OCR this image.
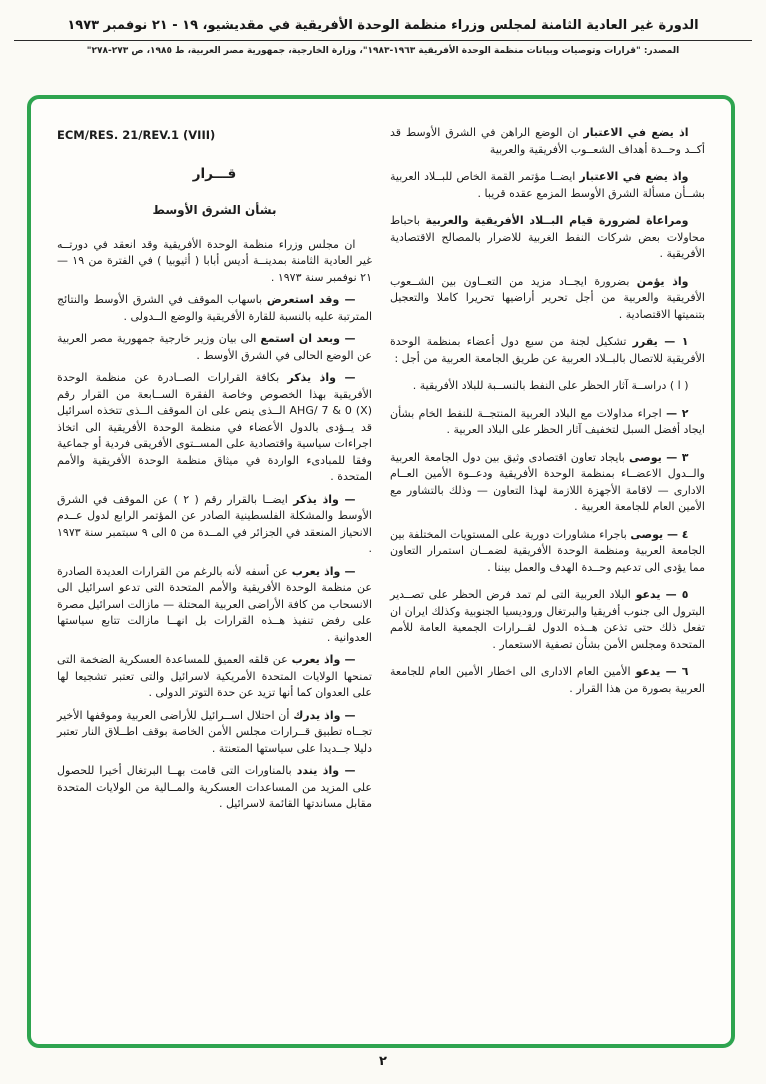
الدورة غير العادية الثامنة لمجلس وزراء منظمة الوحدة الأفريقية في مقديشيو، ١٩ - ٢١ نوفمبر ١٩٧٣
المصدر: "قرارات وتوصيات وبيانات منظمة الوحدة الأفريقية ١٩٦٣-١٩٨٣"، وزارة الخارجية، جمهورية مصر العربية، ط ١٩٨٥، ص ٢٧٣-٢٧٨"

ECM/RES. 21/REV.1 (VIII)

قـــرار

بشأن الشرق الأوسط

ان مجلس وزراء منظمة الوحدة الأفريقية وقد انعقد في دورتــه غير العادية الثامنة بمدينــة أديس أبابا ( أثيوبيا ) في الفترة من ١٩ — ٢١ نوفمبر سنة ١٩٧٣ .

— وقد استعرض باسهاب الموقف في الشرق الأوسط والنتائج المترتبة عليه بالنسبة للقارة الأفريقية والوضع الــدولى .

— وبعد ان استمع الى بيان وزير خارجية جمهورية مصر العربية عن الوضع الحالى في الشرق الأوسط .

— واذ يذكر بكافة القرارات الصــادرة عن منظمة الوحدة الأفريقية بهذا الخصوص وخاصة الفقرة الســابعة من القرار رقم AHG/ 7 & 0 (X) الــذى ينص على ان الموقف الــذى تتخذه اسرائيل قد يــؤدى بالدول الأعضاء في منظمة الوحدة الأفريقية الى اتخاذ اجراءات سياسية واقتصادية على المســتوى الأفريقى فردية أو جماعية وفقا للمبادىء الواردة في ميثاق منظمة الوحدة الأفريقية والأمم المتحدة .

— واذ يذكر ايضــا بالقرار رقم ( ٢ ) عن الموقف في الشرق الأوسط والمشكلة الفلسطينية الصادر عن المؤتمر الرابع لدول عــدم الانحياز المنعقد في الجزائر في المــدة من ٥ الى ٩ سبتمبر سنة ١٩٧٣ .

— واذ يعرب عن أسفه لأنه بالرغم من القرارات العديدة الصادرة عن منظمة الوحدة الأفريقية والأمم المتحدة التى تدعو اسرائيل الى الانسحاب من كافة الأراضى العربية المحتلة — مازالت اسرائيل مصرة على رفض تنفيذ هــذه القرارات بل انهــا مازالت تتابع سياستها العدوانية .

— واذ يعرب عن قلقه العميق للمساعدة العسكرية الضخمة التى تمنحها الولايات المتحدة الأمريكية لاسرائيل والتى تعتبر تشجيعا لها على العدوان كما أنها تزيد عن حدة التوتر الدولى .

— واذ يدرك أن احتلال اســرائيل للأراضى العربية وموقفها الأخير تجــاه تطبيق قــرارات مجلس الأمن الخاصة بوقف اطــلاق النار تعتبر دليلا جــديدا على سياستها المتعنتة .

— واذ يندد بالمناورات التى قامت بهــا البرتغال أخيرا للحصول على المزيد من المساعدات العسكرية والمــالية من الولايات المتحدة مقابل مساندتها القائمة لاسرائيل .

اذ يضع في الاعتبار ان الوضع الراهن في الشرق الأوسط قد أكــد وحــدة أهداف الشعــوب الأفريقية والعربية

واذ يضع في الاعتبار ايضــا مؤتمر القمة الخاص للبــلاد العربية بشــأن مسألة الشرق الأوسط المزمع عقده قريبا .

ومراعاة لضرورة قيام البــلاد الأفريقية والعربية باحباط محاولات بعض شركات النفط الغربية للاضرار بالمصالح الاقتصادية الأفريقية .

واذ يؤمن بضرورة ايجــاد مزيد من التعــاون بين الشــعوب الأفريقية والعربية من أجل تحرير أراضيها تحريرا كاملا والتعجيل بتنميتها الاقتصادية .

١ — يقرر تشكيل لجنة من سبع دول أعضاء بمنظمة الوحدة الأفريقية للاتصال بالبــلاد العربية عن طريق الجامعة العربية من أجل :

( ا ) دراســة آثار الحظر على النفط بالنســبة للبلاد الأفريقية .

٢ — اجراء مداولات مع البلاد العربية المنتجــة للنفط الخام بشأن ايجاد أفضل السبل لتخفيف آثار الحظر على البلاد العربية .

٣ — يوصى بايجاد تعاون اقتصادى وثيق بين دول الجامعة العربية والــدول الاعضــاء بمنظمة الوحدة الأفريقية ودعــوة الأمين العــام الادارى — لاقامة الأجهزة اللازمة لهذا التعاون — وذلك بالتشاور مع الأمين العام للجامعة العربية .

٤ — يوصى باجراء مشاورات دورية على المستويات المختلفة بين الجامعة العربية ومنظمة الوحدة الأفريقية لضمــان استمرار التعاون مما يؤدى الى تدعيم وحــدة الهدف والعمل بيننا .

٥ — يدعو البلاد العربية التى لم تمد فرض الحظر على تصــدير البترول الى جنوب أفريقيا والبرتغال وروديسيا الجنوبية وكذلك ايران ان تفعل ذلك حتى تذعن هــذه الدول لقــرارات الجمعية العامة للأمم المتحدة ومجلس الأمن بشأن تصفية الاستعمار .

٦ — يدعو الأمين العام الادارى الى اخطار الأمين العام للجامعة العربية بصورة من هذا القرار .

٢
